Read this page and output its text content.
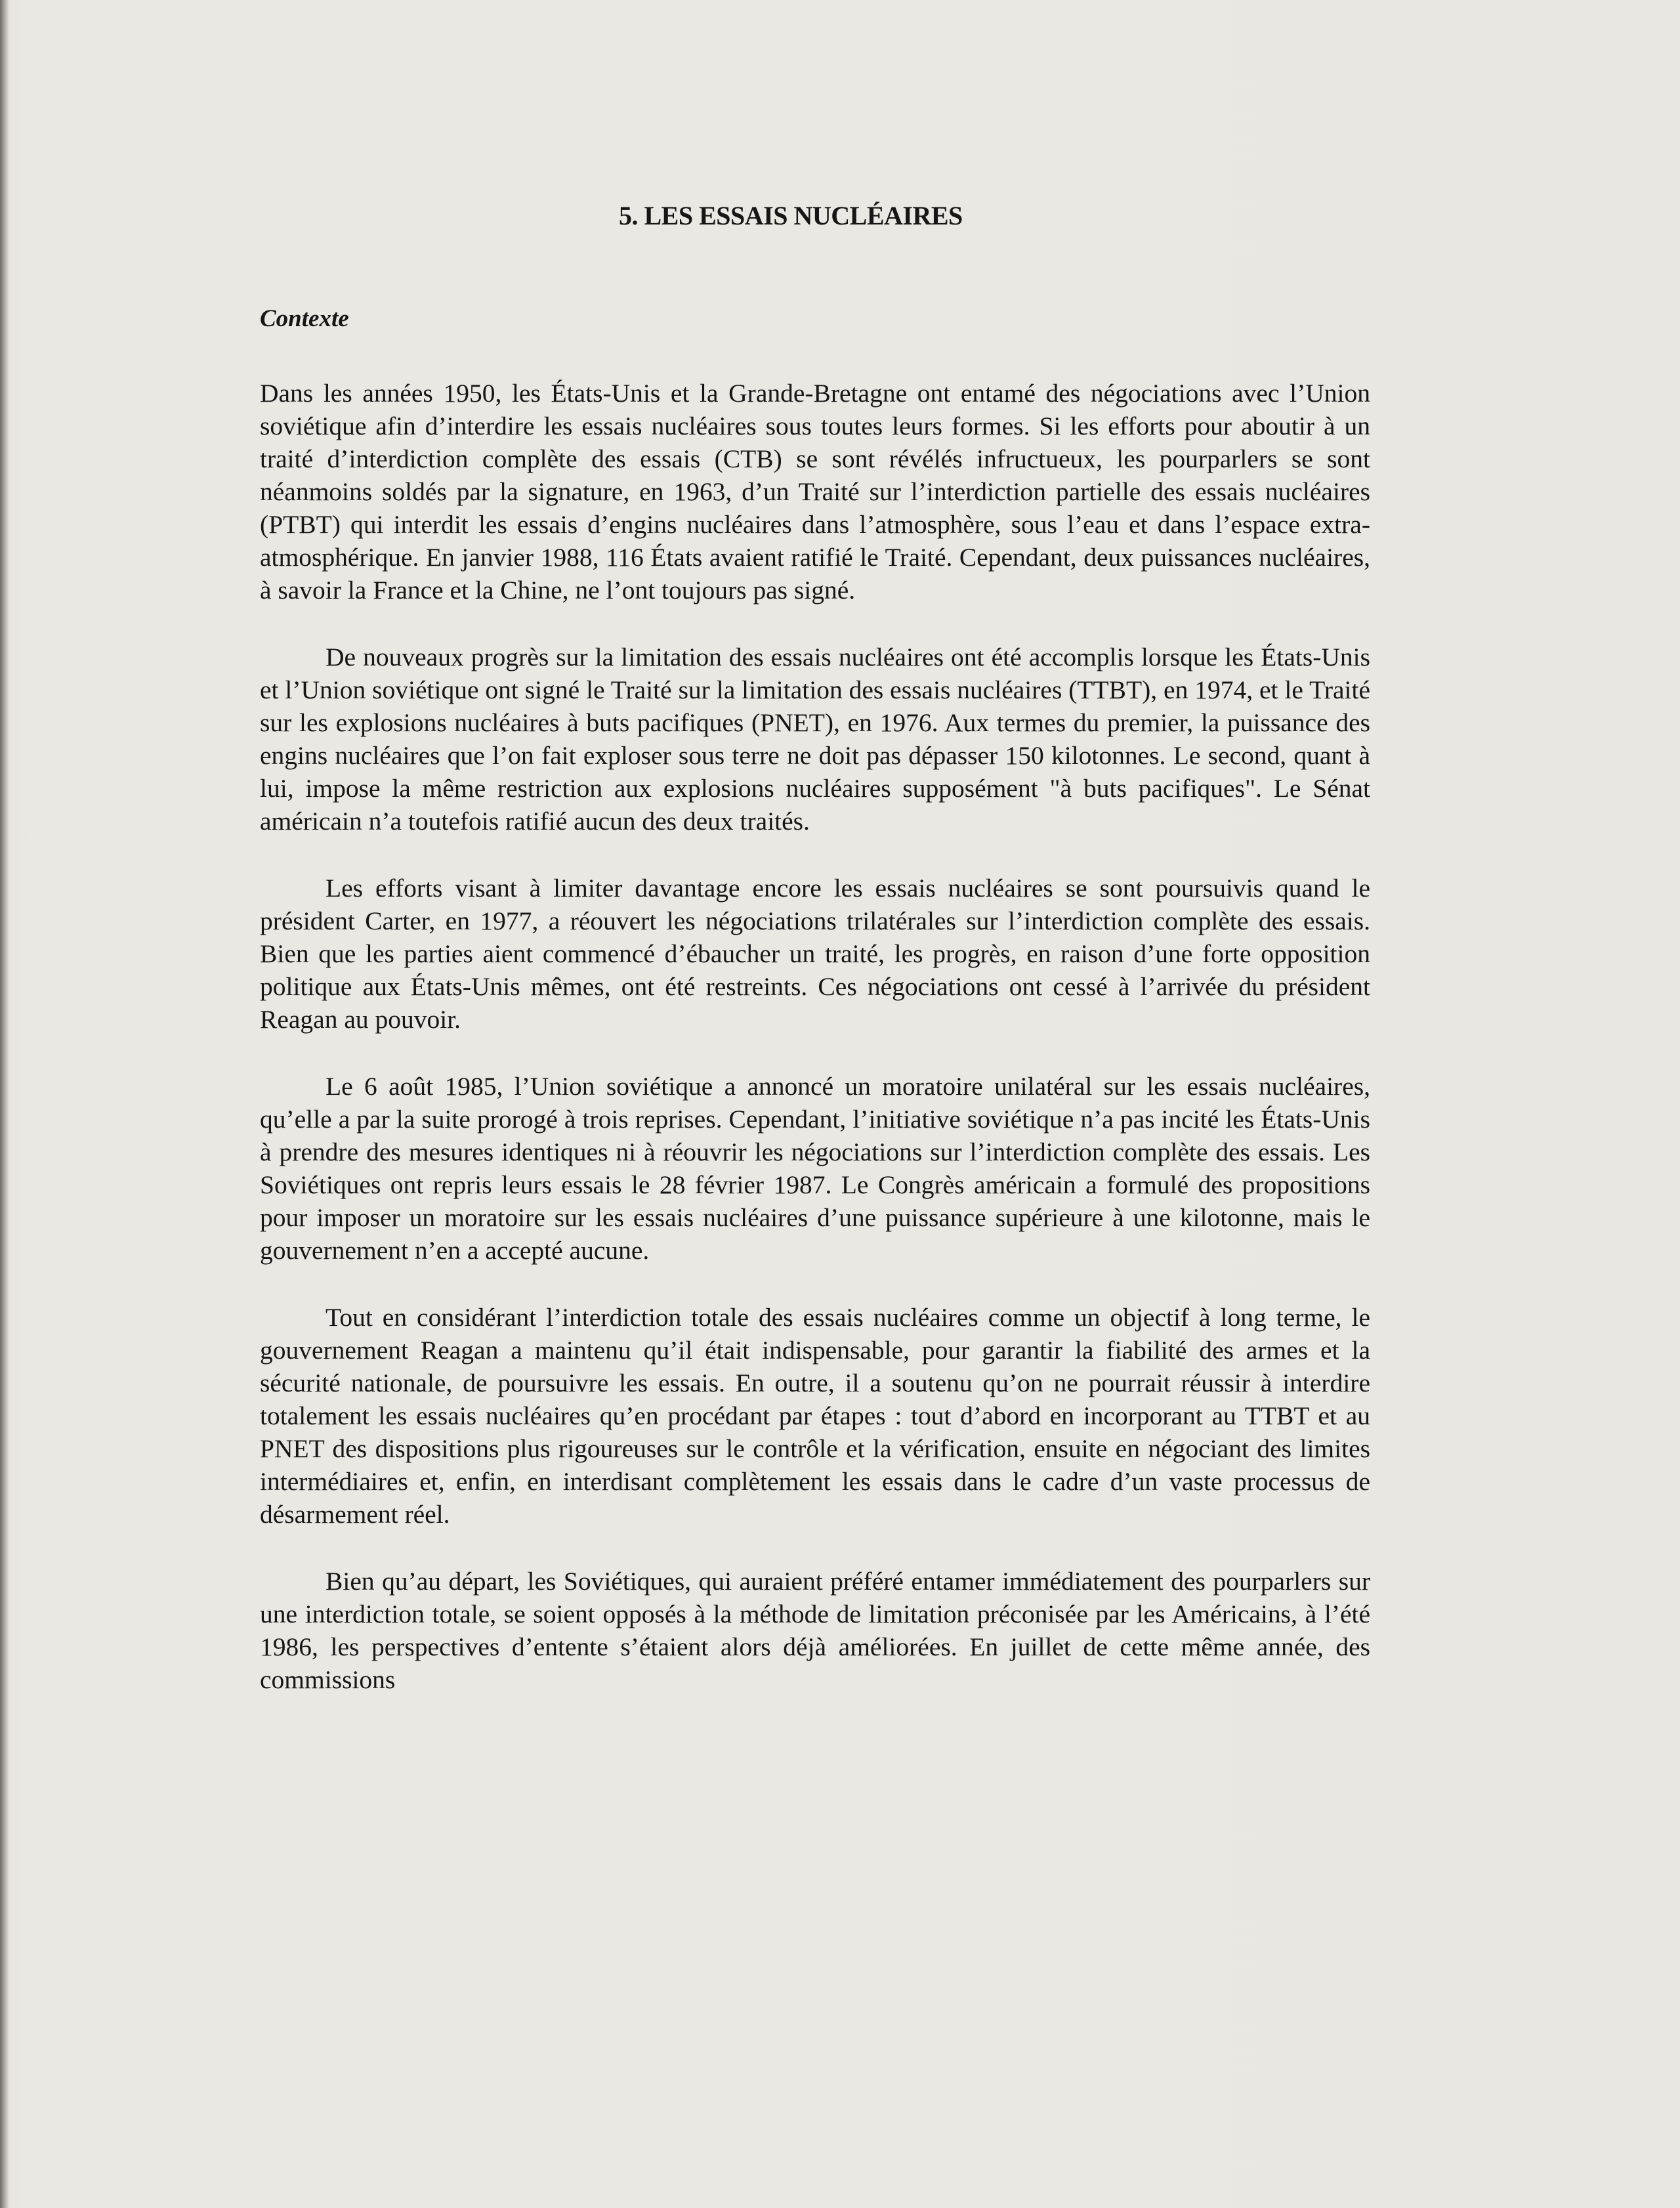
5. LES ESSAIS NUCLÉAIRES
Contexte

Dans les années 1950, les États-Unis et la Grande-Bretagne ont entamé des négociations avec l’Union soviétique afin d’interdire les essais nucléaires sous toutes leurs formes. Si les efforts pour aboutir à un traité d’interdiction complète des essais (CTB) se sont révélés infructueux, les pourparlers se sont néanmoins soldés par la signature, en 1963, d’un Traité sur l’interdiction partielle des essais nucléaires (PTBT) qui interdit les essais d’engins nucléaires dans l’atmosphère, sous l’eau et dans l’espace extra-atmosphérique. En janvier 1988, 116 États avaient ratifié le Traité. Cependant, deux puissances nucléaires, à savoir la France et la Chine, ne l’ont toujours pas signé.

De nouveaux progrès sur la limitation des essais nucléaires ont été accomplis lorsque les États-Unis et l’Union soviétique ont signé le Traité sur la limitation des essais nucléaires (TTBT), en 1974, et le Traité sur les explosions nucléaires à buts pacifiques (PNET), en 1976. Aux termes du premier, la puissance des engins nucléaires que l’on fait exploser sous terre ne doit pas dépasser 150 kilotonnes. Le second, quant à lui, impose la même restriction aux explosions nucléaires supposément "à buts pacifiques". Le Sénat américain n’a toutefois ratifié aucun des deux traités.

Les efforts visant à limiter davantage encore les essais nucléaires se sont poursuivis quand le président Carter, en 1977, a réouvert les négociations trilatérales sur l’interdiction complète des essais. Bien que les parties aient commencé d’ébaucher un traité, les progrès, en raison d’une forte opposition politique aux États-Unis mêmes, ont été restreints. Ces négociations ont cessé à l’arrivée du président Reagan au pouvoir.

Le 6 août 1985, l’Union soviétique a annoncé un moratoire unilatéral sur les essais nucléaires, qu’elle a par la suite prorogé à trois reprises. Cependant, l’initiative soviétique n’a pas incité les États-Unis à prendre des mesures identiques ni à réouvrir les négociations sur l’interdiction complète des essais. Les Soviétiques ont repris leurs essais le 28 février 1987. Le Congrès américain a formulé des propositions pour imposer un moratoire sur les essais nucléaires d’une puissance supérieure à une kilotonne, mais le gouvernement n’en a accepté aucune.

Tout en considérant l’interdiction totale des essais nucléaires comme un objectif à long terme, le gouvernement Reagan a maintenu qu’il était indispensable, pour garantir la fiabilité des armes et la sécurité nationale, de poursuivre les essais. En outre, il a soutenu qu’on ne pourrait réussir à interdire totalement les essais nucléaires qu’en procédant par étapes : tout d’abord en incorporant au TTBT et au PNET des dispositions plus rigoureuses sur le contrôle et la vérification, ensuite en négociant des limites intermédiaires et, enfin, en interdisant complètement les essais dans le cadre d’un vaste processus de désarmement réel.

Bien qu’au départ, les Soviétiques, qui auraient préféré entamer immédiatement des pourparlers sur une interdiction totale, se soient opposés à la méthode de limitation préconisée par les Américains, à l’été 1986, les perspectives d’entente s’étaient alors déjà améliorées. En juillet de cette même année, des commissions
